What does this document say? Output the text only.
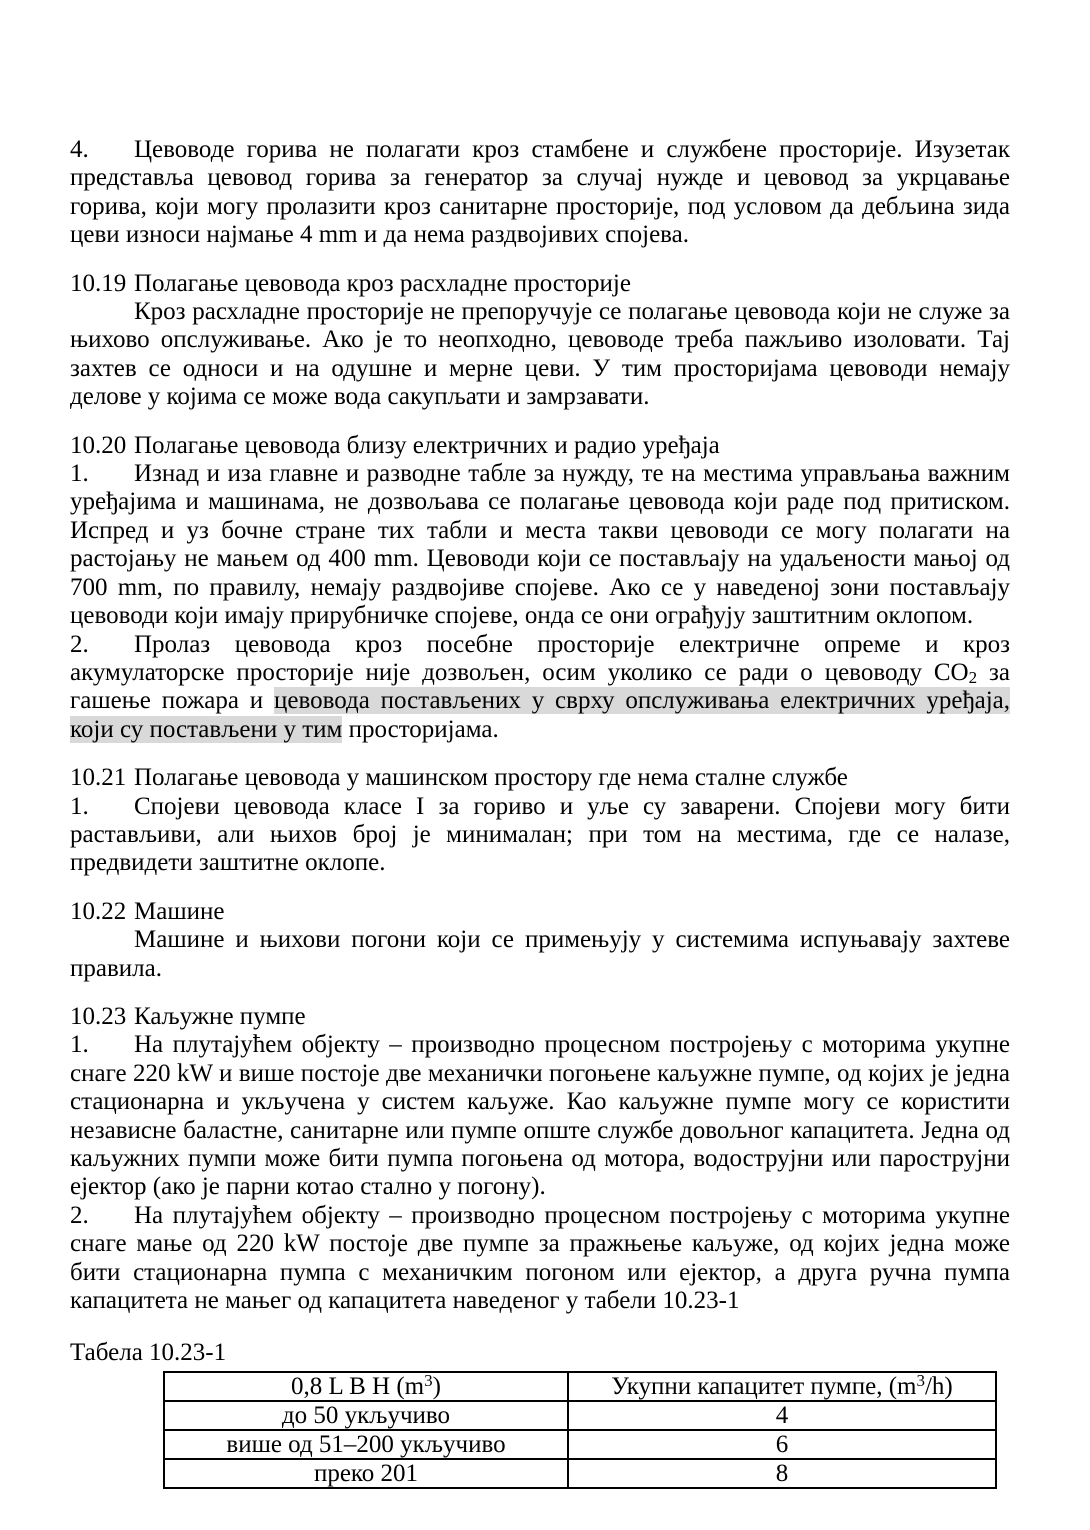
4. Цевоводе горива не полагати кроз стамбене и службене просторије. Изузетак представља цевовод горива за генератор за случај нужде и цевовод за укрцавање горива, који могу пролазити кроз санитарне просторије, под условом да дебљина зида цеви износи најмање 4 mm и да нема раздвојивих спојева.

10.19 Полагање цевовода кроз расхладне просторије

Кроз расхладне просторије не препоручује се полагање цевовода који не служе за њихово опслуживање. Ако је то неопходно, цевоводе треба пажљиво изоловати. Тај захтев се односи и на одушне и мерне цеви. У тим просторијама цевоводи немају делове у којима се може вода сакупљати и замрзавати.

10.20 Полагање цевовода близу електричних и радио уређаја

1. Изнад и иза главне и разводне табле за нужду, те на местима управљања важним уређајима и машинама, не дозвољава се полагање цевовода који раде под притиском. Испред и уз бочне стране тих табли и места такви цевоводи се могу полагати на растојању не мањем од 400 mm. Цевоводи који се постављају на удаљености мањој од 700 mm, по правилу, немају раздвојиве спојеве. Ако се у наведеној зони постављају цевоводи који имају прирубничке спојеве, онда се они ограђују заштитним оклопом.

2. Пролаз цевовода кроз посебне просторије електричне опреме и кроз акумулаторске просторије није дозвољен, осим уколико се ради о цевоводу $CO_2$ за гашење пожара и цевовода постављених у сврху опслуживања електричних уређаја, који су постављени у тим просторијама.

10.21 Полагање цевовода у машинском простору где нема сталне службе

1. Спојеви цевовода класе I за гориво и уље су заварени. Спојеви могу бити растављиви, али њихов број је минималан; при том на местима, где се налазе, предвидети заштитне оклопе.

10.22 Машине

Машине и њихови погони који се примењују у системима испуњавају захтеве правила.

10.23 Каљужне пумпе

1. На плутајућем објекту – производно процесном постројењу с моторима укупне снаге 220 kW и више постоје две механички погоњене каљужне пумпе, од којих је једна стационарна и укључена у систем каљуже. Као каљужне пумпе могу се користити независне баластне, санитарне или пумпе опште службе довољног капацитета. Једна од каљужних пумпи може бити пумпа погоњена од мотора, водострујни или парострујни ејектор (ако је парни котао стално у погону).

2. На плутајућем објекту – производно процесном постројењу с моторима укупне снаге мање од 220 kW постоје две пумпе за пражњење каљуже, од којих једна може бити стационарна пумпа с механичким погоном или ејектор, а друга ручна пумпа капацитета не мањег од капацитета наведеног у табели 10.23-1

Табела 10.23-1

0,8 L B H $(m^3)$	Укупни капацитет пумпе, $(m^3/h)$
до 50 укључиво	4
више од 51–200 укључиво	6
преко 201	8
